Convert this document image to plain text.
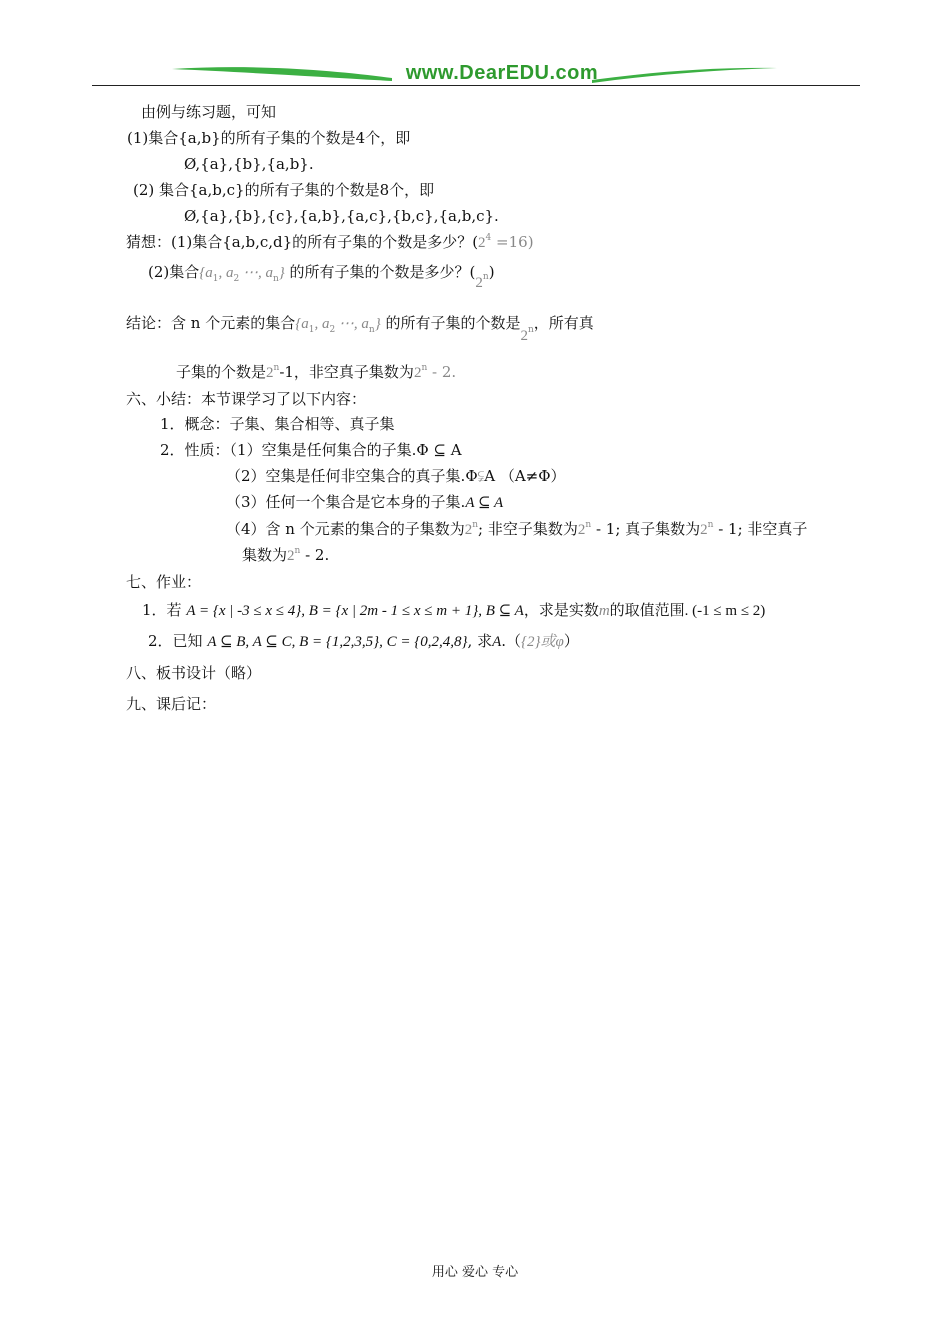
www.DearEDU.com
由例与练习题，可知
(1)集合{a,b}的所有子集的个数是4个，即
Ø,{a},{b},{a,b}.
(2) 集合{a,b,c}的所有子集的个数是8个，即
Ø,{a},{b},{c},{a,b},{a,c},{b,c},{a,b,c}.
猜想：(1)集合{a,b,c,d}的所有子集的个数是多少？$(2^4 =16)$
(2)集合{$a_1$, $a_2$ ⋯, $a_n$} 的所有子集的个数是多少？(2n)
结论：含 n 个元素的集合{$a_1$, $a_2$ ⋯, $a_n$} 的所有子集的个数是$2_n$，所有真
子集的个数是2$^n$-1，非空真子集数为2$^n$ - 2.
六、小结：本节课学习了以下内容：
1．概念：子集、集合相等、真子集
2．性质：（1）空集是任何集合的子集.Φ ⊆ A
（2）空集是任何非空集合的真子集.Φ⫋A （A≠Φ）
（3）任何一个集合是它本身的子集.A ⊆ A
（4）含 n 个元素的集合的子集数为2$^n$; 非空子集数为2$^n$ - 1; 真子集数为2$^n$ - 1; 非空真子
集数为2$^n$ - 2.
七、作业：
1．若 A = {x | -3 ≤ x ≤ 4}, B = {x | 2m - 1 ≤ x ≤ m + 1}, B ⊆ A，求是实数m的取值范围. (-1 ≤ m ≤ 2)
2．已知 A ⊆ B, A ⊆ C, B = {1,2,3,5}, C = {0,2,4,8}, 求A.（{2}或φ）
八、板书设计（略）
九、课后记：
用心 爱心 专心
